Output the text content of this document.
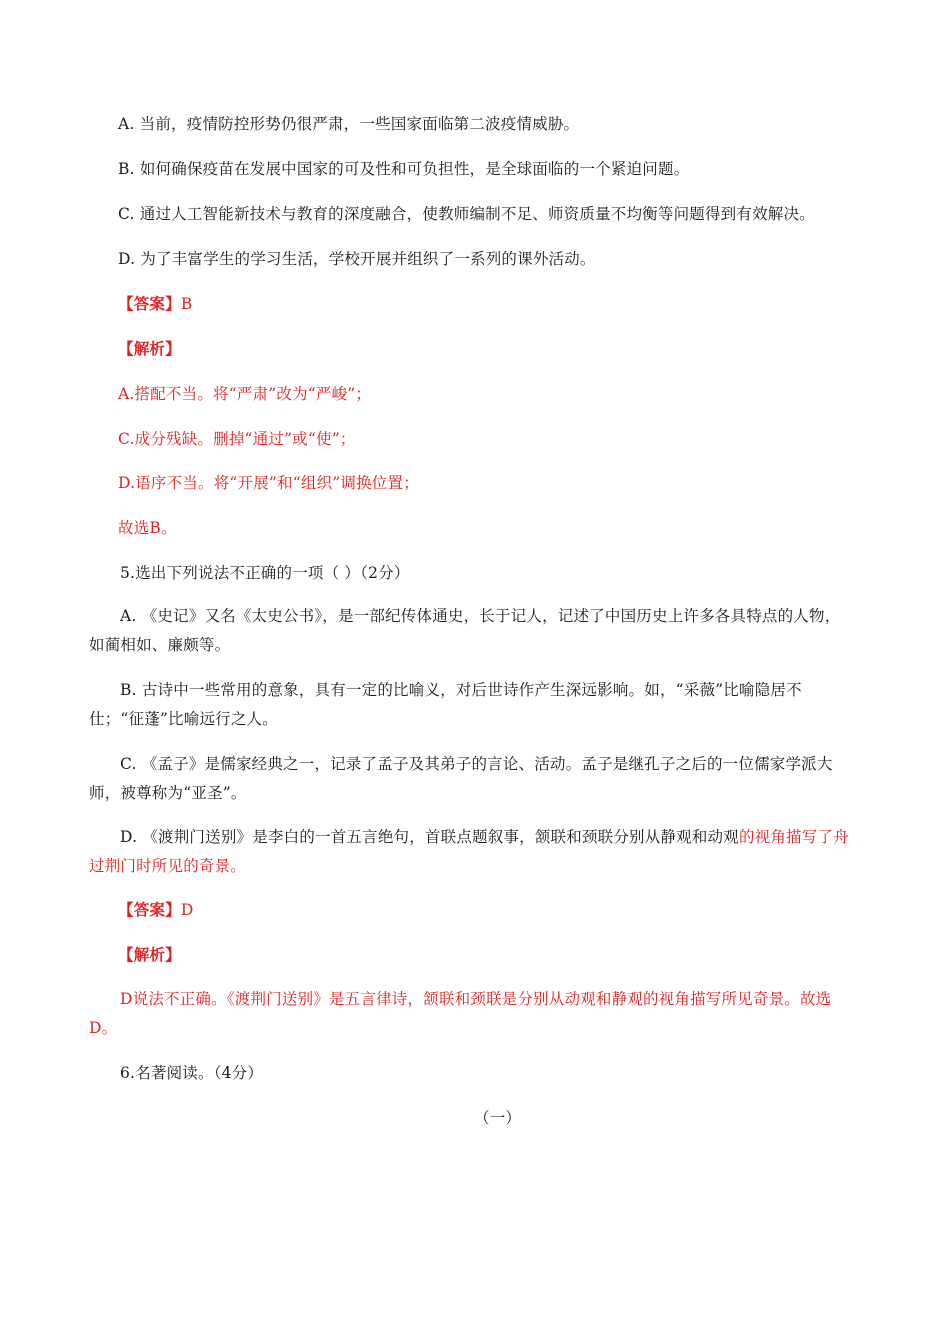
A. 当前，疫情防控形势仍很严肃，一些国家面临第二波疫情威胁。
B. 如何确保疫苗在发展中国家的可及性和可负担性，是全球面临的一个紧迫问题。
C. 通过人工智能新技术与教育的深度融合，使教师编制不足、师资质量不均衡等问题得到有效解决。
D. 为了丰富学生的学习生活，学校开展并组织了一系列的课外活动。
【答案】B
【解析】
A.搭配不当。将“严肃”改为“严峻”；
C.成分残缺。删掉“通过”或“使”；
D.语序不当。将“开展”和“组织”调换位置；
故选B。
5.选出下列说法不正确的一项（ ）（2分）
A. 《史记》又名《太史公书》，是一部纪传体通史，长于记人，记述了中国历史上许多各具特点的人物，如蔺相如、廉颇等。
B. 古诗中一些常用的意象，具有一定的比喻义，对后世诗作产生深远影响。如，“采薇”比喻隐居不仕；“征蓬”比喻远行之人。
C. 《孟子》是儒家经典之一，记录了孟子及其弟子的言论、活动。孟子是继孔子之后的一位儒家学派大师，被尊称为“亚圣”。
D. 《渡荆门送别》是李白的一首五言绝句，首联点题叙事，颔联和颈联分别从静观和动观的视角描写了舟过荆门时所见的奇景。
【答案】D
【解析】
D说法不正确。《渡荆门送别》是五言律诗，颔联和颈联是分别从动观和静观的视角描写所见奇景。故选D。
6.名著阅读。（4分）
（一）
